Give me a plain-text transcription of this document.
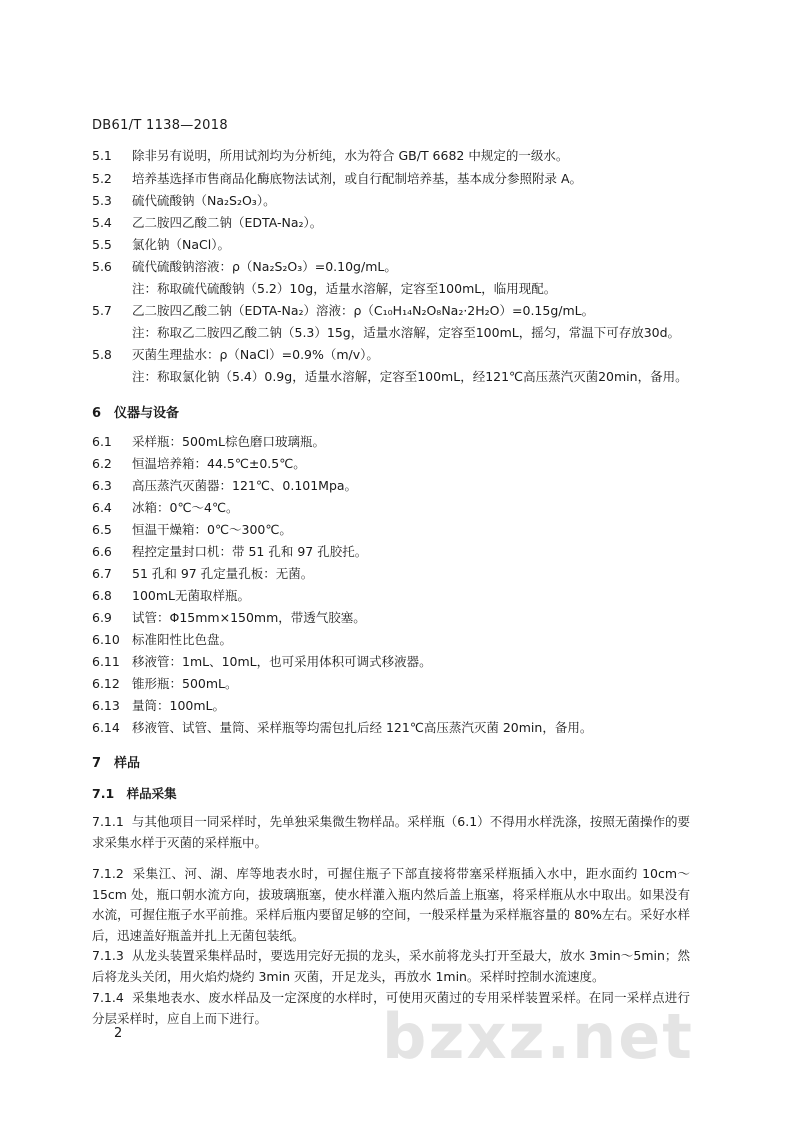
DB61/T 1138—2018
5.1 除非另有说明，所用试剂均为分析纯，水为符合 GB/T 6682 中规定的一级水。
5.2 培养基选择市售商品化酶底物法试剂，或自行配制培养基，基本成分参照附录 A。
5.3 硫代硫酸钠（Na₂S₂O₃）。
5.4 乙二胺四乙酸二钠（EDTA-Na₂）。
5.5 氯化钠（NaCl）。
5.6 硫代硫酸钠溶液：ρ（Na₂S₂O₃）=0.10g/mL。
注：称取硫代硫酸钠（5.2）10g，适量水溶解，定容至100mL，临用现配。
5.7 乙二胺四乙酸二钠（EDTA-Na₂）溶液：ρ（C₁₀H₁₄N₂O₈Na₂·2H₂O）=0.15g/mL。
注：称取乙二胺四乙酸二钠（5.3）15g，适量水溶解，定容至100mL，摇匀，常温下可存放30d。
5.8 灭菌生理盐水：ρ（NaCl）=0.9%（m/v）。
注：称取氯化钠（5.4）0.9g，适量水溶解，定容至100mL，经121℃高压蒸汽灭菌20min，备用。
6　仪器与设备
6.1 采样瓶：500mL棕色磨口玻璃瓶。
6.2 恒温培养箱：44.5℃±0.5℃。
6.3 高压蒸汽灭菌器：121℃、0.101Mpa。
6.4 冰箱：0℃～4℃。
6.5 恒温干燥箱：0℃～300℃。
6.6 程控定量封口机：带 51 孔和 97 孔胶托。
6.7 51 孔和 97 孔定量孔板：无菌。
6.8 100mL无菌取样瓶。
6.9 试管：Φ15mm×150mm，带透气胶塞。
6.10 标准阳性比色盘。
6.11 移液管：1mL、10mL，也可采用体积可调式移液器。
6.12 锥形瓶：500mL。
6.13 量筒：100mL。
6.14 移液管、试管、量筒、采样瓶等均需包扎后经 121℃高压蒸汽灭菌 20min，备用。
7　样品
7.1　样品采集
7.1.1 与其他项目一同采样时，先单独采集微生物样品。采样瓶（6.1）不得用水样洗涤，按照无菌操作的要求采集水样于灭菌的采样瓶中。
7.1.2 采集江、河、湖、库等地表水时，可握住瓶子下部直接将带塞采样瓶插入水中，距水面约 10cm～15cm 处，瓶口朝水流方向，拔玻璃瓶塞，使水样灌入瓶内然后盖上瓶塞，将采样瓶从水中取出。如果没有水流，可握住瓶子水平前推。采样后瓶内要留足够的空间，一般采样量为采样瓶容量的 80%左右。采好水样后，迅速盖好瓶盖并扎上无菌包装纸。
7.1.3 从龙头装置采集样品时，要选用完好无损的龙头，采水前将龙头打开至最大，放水 3min～5min；然后将龙头关闭，用火焰灼烧约 3min 灭菌，开足龙头，再放水 1min。采样时控制水流速度。
7.1.4 采集地表水、废水样品及一定深度的水样时，可使用灭菌过的专用采样装置采样。在同一采样点进行分层采样时，应自上而下进行。	bzxz.net
2
